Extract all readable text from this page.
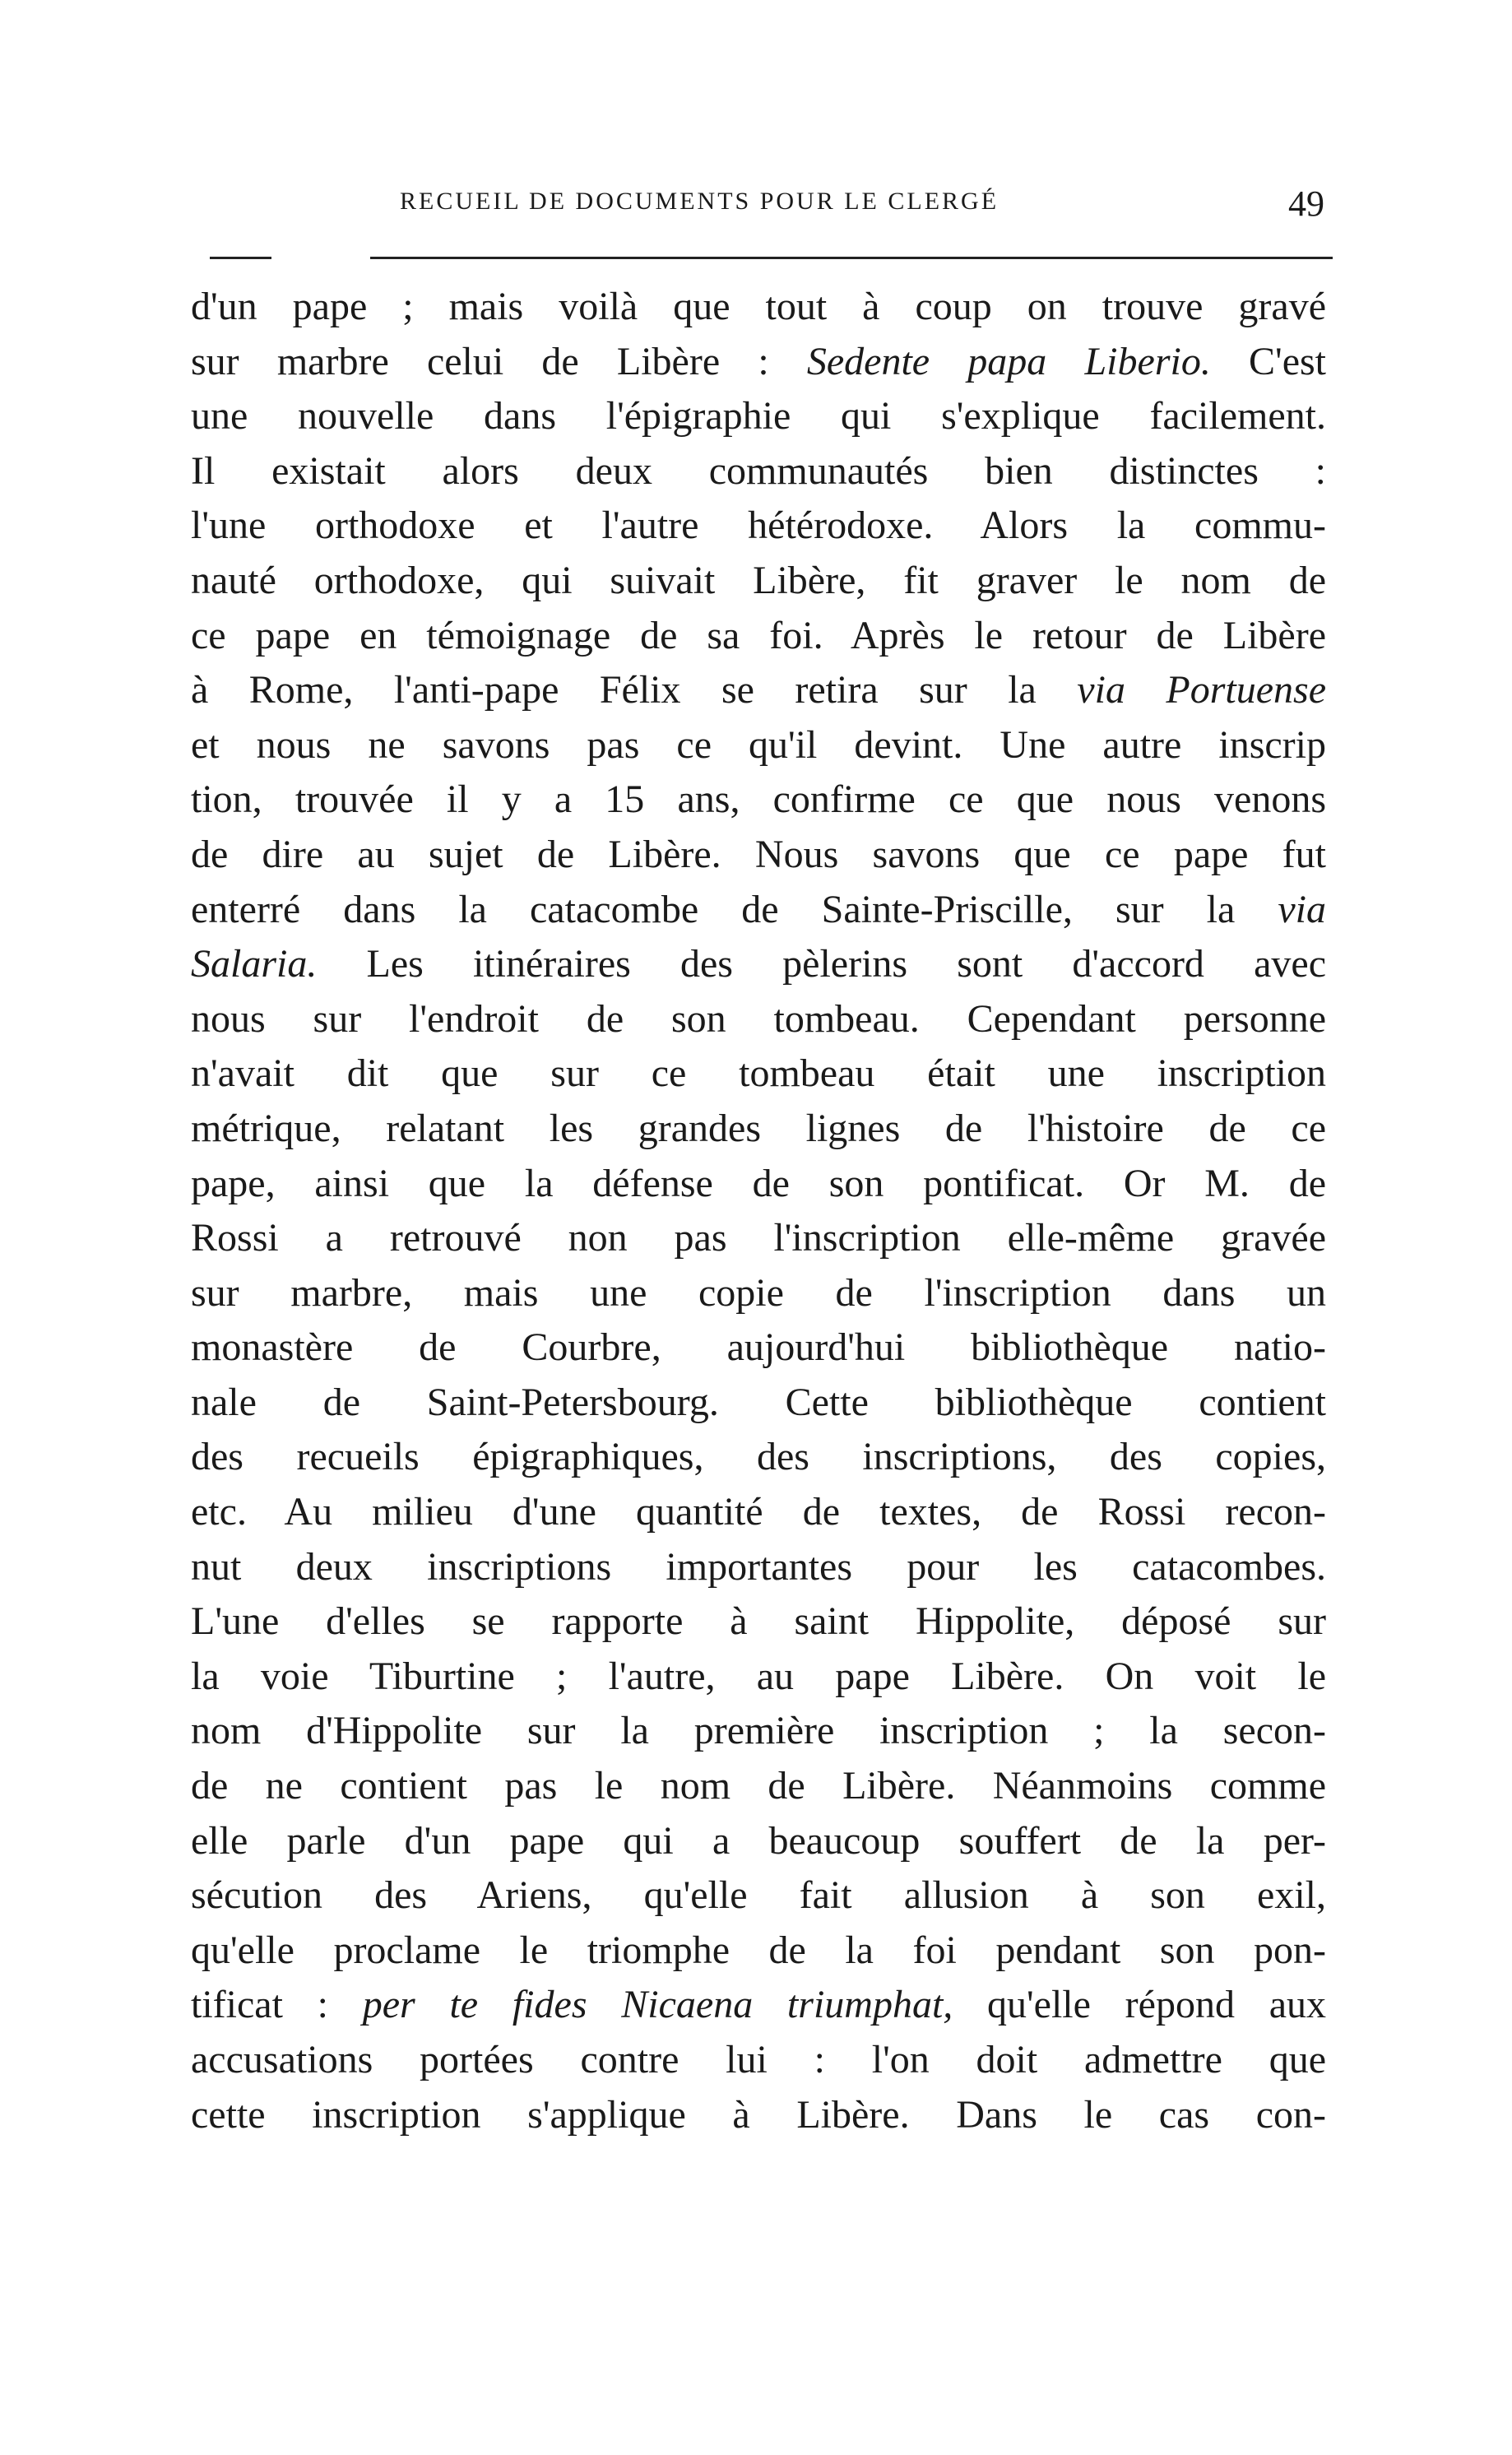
RECUEIL DE DOCUMENTS POUR LE CLERGÉ	49
d'un pape ; mais voilà que tout à coup on trouve gravé
sur marbre celui de Libère : Sedente papa Liberio. C'est
une nouvelle dans l'épigraphie qui s'explique facilement.
Il existait alors deux communautés bien distinctes :
l'une orthodoxe et l'autre hétérodoxe. Alors la commu-
nauté orthodoxe, qui suivait Libère, fit graver le nom de
ce pape en témoignage de sa foi. Après le retour de Libère
à Rome, l'anti-pape Félix se retira sur la via Portuense
et nous ne savons pas ce qu'il devint. Une autre inscrip
tion, trouvée il y a 15 ans, confirme ce que nous venons
de dire au sujet de Libère. Nous savons que ce pape fut
enterré dans la catacombe de Sainte-Priscille, sur la via
Salaria. Les itinéraires des pèlerins sont d'accord avec
nous sur l'endroit de son tombeau. Cependant personne
n'avait dit que sur ce tombeau était une inscription
métrique, relatant les grandes lignes de l'histoire de ce
pape, ainsi que la défense de son pontificat. Or M. de
Rossi a retrouvé non pas l'inscription elle-même gravée
sur marbre, mais une copie de l'inscription dans un
monastère de Courbre, aujourd'hui bibliothèque natio-
nale de Saint-Petersbourg. Cette bibliothèque contient
des recueils épigraphiques, des inscriptions, des copies,
etc. Au milieu d'une quantité de textes, de Rossi recon-
nut deux inscriptions importantes pour les catacombes.
L'une d'elles se rapporte à saint Hippolite, déposé sur
la voie Tiburtine ; l'autre, au pape Libère. On voit le
nom d'Hippolite sur la première inscription ; la secon-
de ne contient pas le nom de Libère. Néanmoins comme
elle parle d'un pape qui a beaucoup souffert de la per-
sécution des Ariens, qu'elle fait allusion à son exil,
qu'elle proclame le triomphe de la foi pendant son pon-
tificat : per te fides Nicaena triumphat, qu'elle répond aux
accusations portées contre lui : l'on doit admettre que
cette inscription s'applique à Libère. Dans le cas con-
